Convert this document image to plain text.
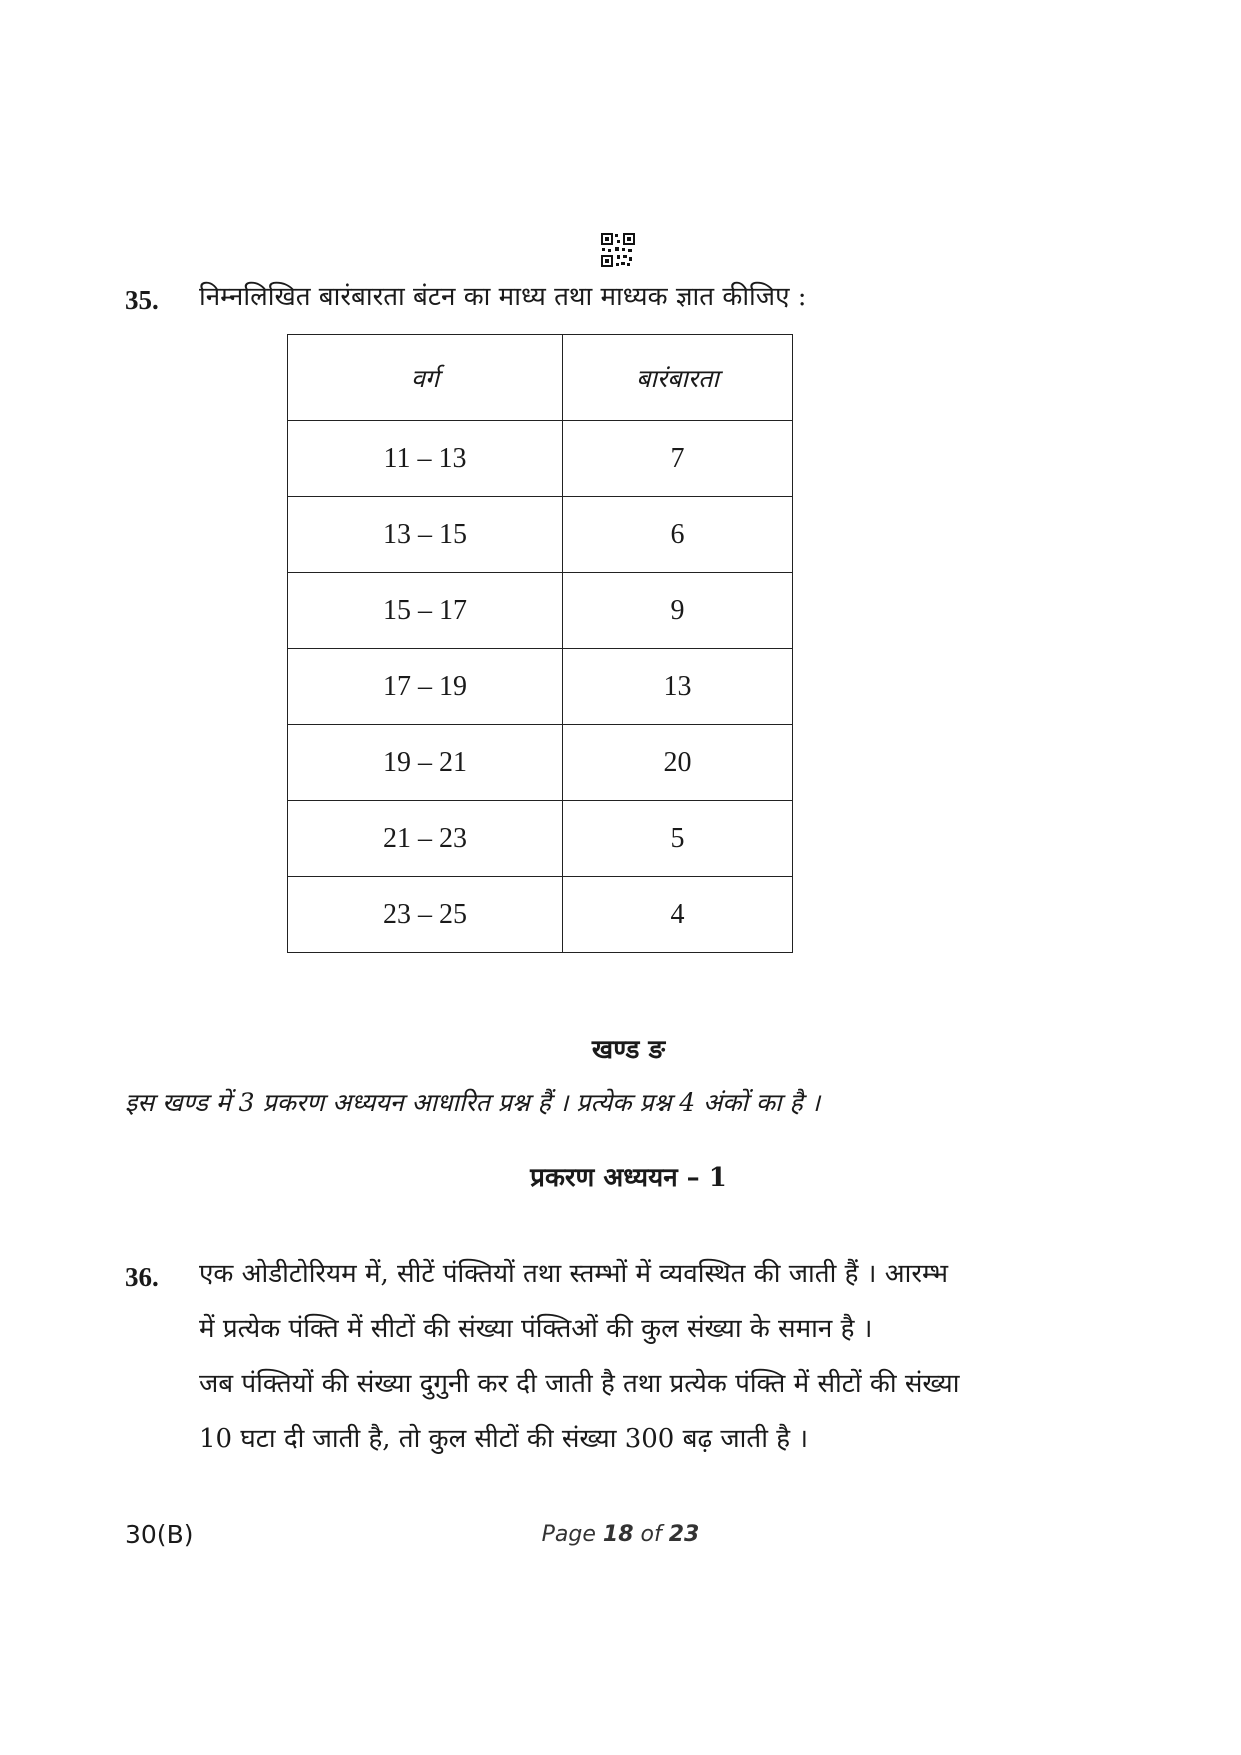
35. निम्नलिखित बारंबारता बंटन का माध्य तथा माध्यक ज्ञात कीजिए :
वर्ग	बारंबारता
11 – 13	7
13 – 15	6
15 – 17	9
17 – 19	13
19 – 21	20
21 – 23	5
23 – 25	4
खण्ड ङ
इस खण्ड में 3 प्रकरण अध्ययन आधारित प्रश्न हैं । प्रत्येक प्रश्न 4 अंकों का है ।
प्रकरण अध्ययन – 1
36. एक ओडीटोरियम में, सीटें पंक्तियों तथा स्तम्भों में व्यवस्थित की जाती हैं । आरम्भ
में प्रत्येक पंक्ति में सीटों की संख्या पंक्तिओं की कुल संख्या के समान है ।
जब पंक्तियों की संख्या दुगुनी कर दी जाती है तथा प्रत्येक पंक्ति में सीटों की संख्या
10 घटा दी जाती है, तो कुल सीटों की संख्या 300 बढ़ जाती है ।
30(B)	Page 18 of 23
